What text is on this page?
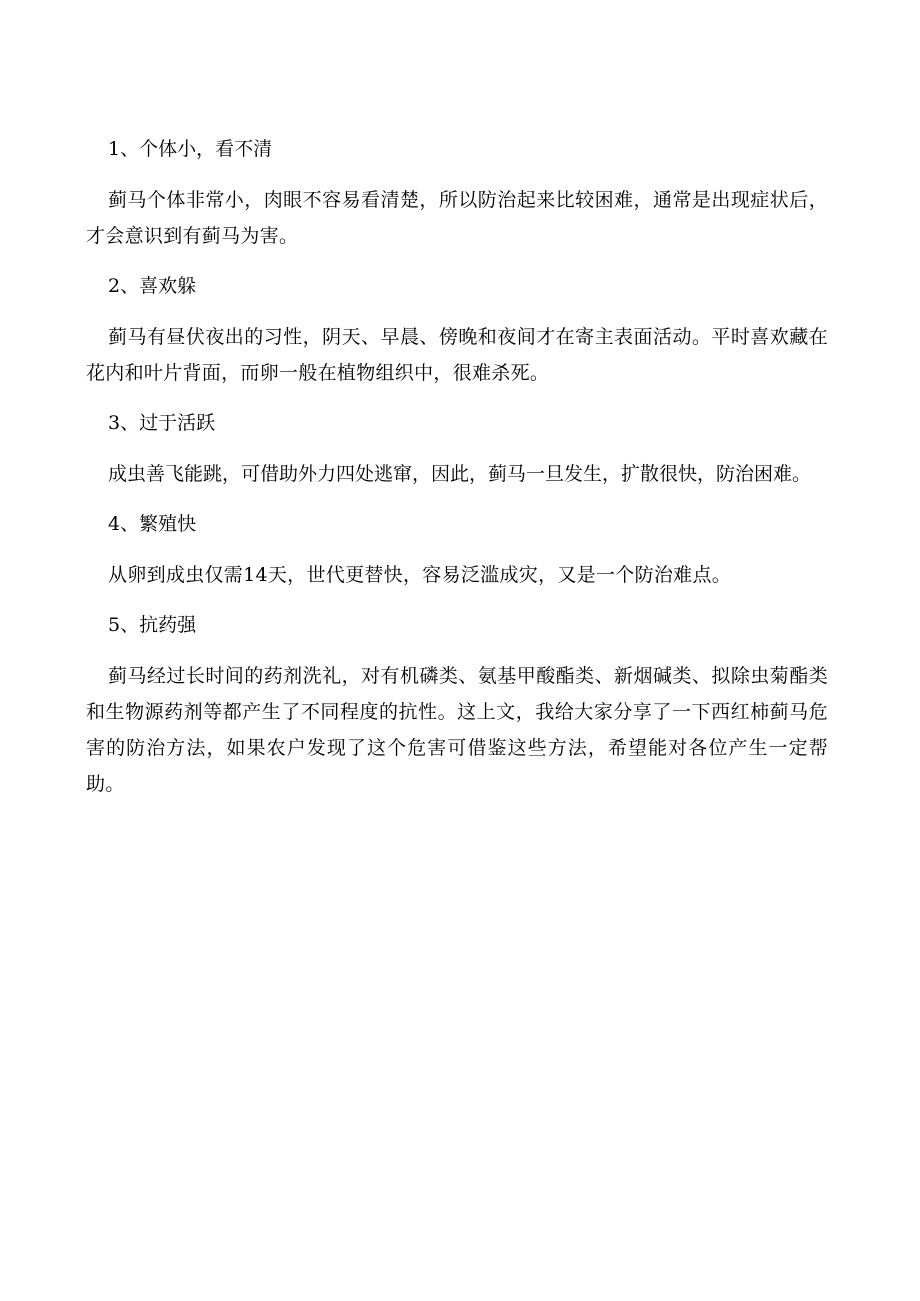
1、个体小，看不清
蓟马个体非常小，肉眼不容易看清楚，所以防治起来比较困难，通常是出现症状后，才会意识到有蓟马为害。
2、喜欢躲
蓟马有昼伏夜出的习性，阴天、早晨、傍晚和夜间才在寄主表面活动。平时喜欢藏在花内和叶片背面，而卵一般在植物组织中，很难杀死。
3、过于活跃
成虫善飞能跳，可借助外力四处逃窜，因此，蓟马一旦发生，扩散很快，防治困难。
4、繁殖快
从卵到成虫仅需14天，世代更替快，容易泛滥成灾，又是一个防治难点。
5、抗药强
蓟马经过长时间的药剂洗礼，对有机磷类、氨基甲酸酯类、新烟碱类、拟除虫菊酯类和生物源药剂等都产生了不同程度的抗性。这上文，我给大家分享了一下西红柿蓟马危害的防治方法，如果农户发现了这个危害可借鉴这些方法，希望能对各位产生一定帮助。
